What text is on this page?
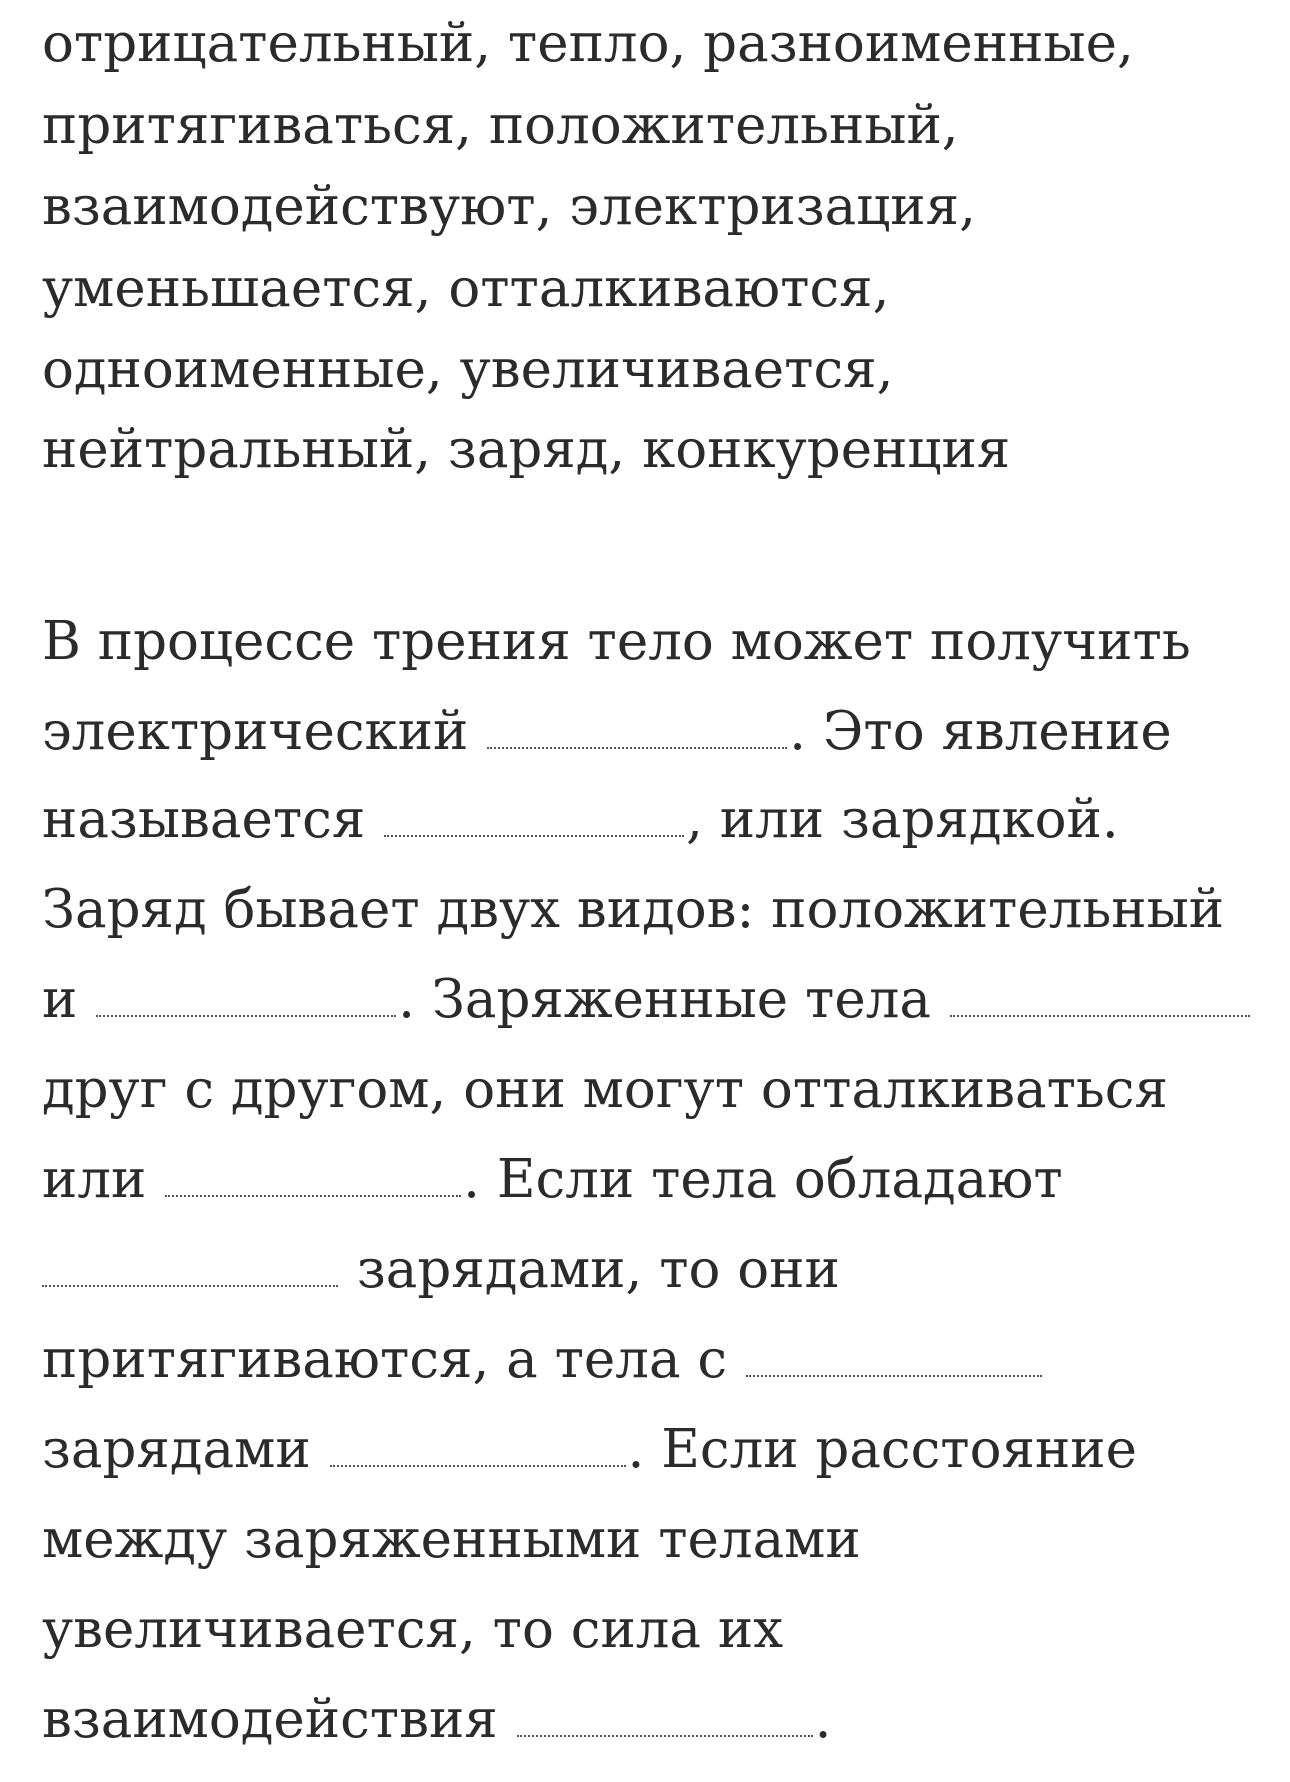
отрицательный, тепло, разноименные,
притягиваться, положительный,
взаимодействуют, электризация,
уменьшается, отталкиваются,
одноименные, увеличивается,
нейтральный, заряд, конкуренция
В процессе трения тело может получить
электрический	. Это явление
называется	, или зарядкой.
Заряд бывает двух видов: положительный
и	. Заряженные тела
друг с другом, они могут отталкиваться
или	. Если тела обладают
зарядами, то они
притягиваются, а тела с
зарядами	. Если расстояние
между заряженными телами
увеличивается, то сила их
взаимодействия	.
